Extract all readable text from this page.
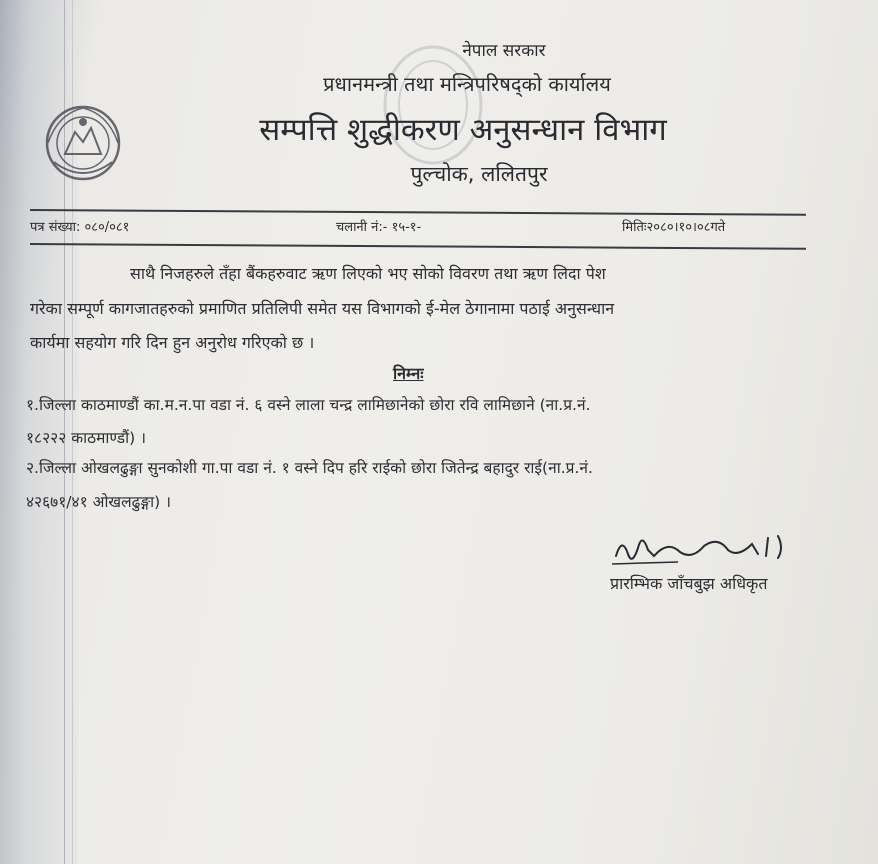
नेपाल सरकार
प्रधानमन्त्री तथा मन्त्रिपरिषद्को कार्यालय
सम्पत्ति शुद्धीकरण अनुसन्धान विभाग
पुल्चोक, ललितपुर
पत्र संख्या: ०८०/०८१	चलानी नं:- १५-१-	मितिः२०८०।१०।०८गते
साथै निजहरुले तँहा बैंकहरुवाट ऋण लिएको भए सोको विवरण तथा ऋण लिदा पेश
गरेका सम्पूर्ण कागजातहरुको प्रमाणित प्रतिलिपी समेत यस विभागको ई-मेल ठेगानामा पठाई अनुसन्धान
कार्यमा सहयोग गरि दिन हुन अनुरोध गरिएको छ ।
निम्नः
१.जिल्ला काठमाण्डौं का.म.न.पा वडा नं. ६ वस्ने लाला चन्द्र लामिछानेको छोरा रवि लामिछाने (ना.प्र.नं.
१८२२२ काठमाण्डौं) ।
२.जिल्ला ओखलढुङ्गा सुनकोशी गा.पा वडा नं. १ वस्ने दिप हरि राईको छोरा जितेन्द्र बहादुर राई(ना.प्र.नं.
४२६७१/४१ ओखलढुङ्गा) ।
प्रारम्भिक जाँचबुझ अधिकृत
